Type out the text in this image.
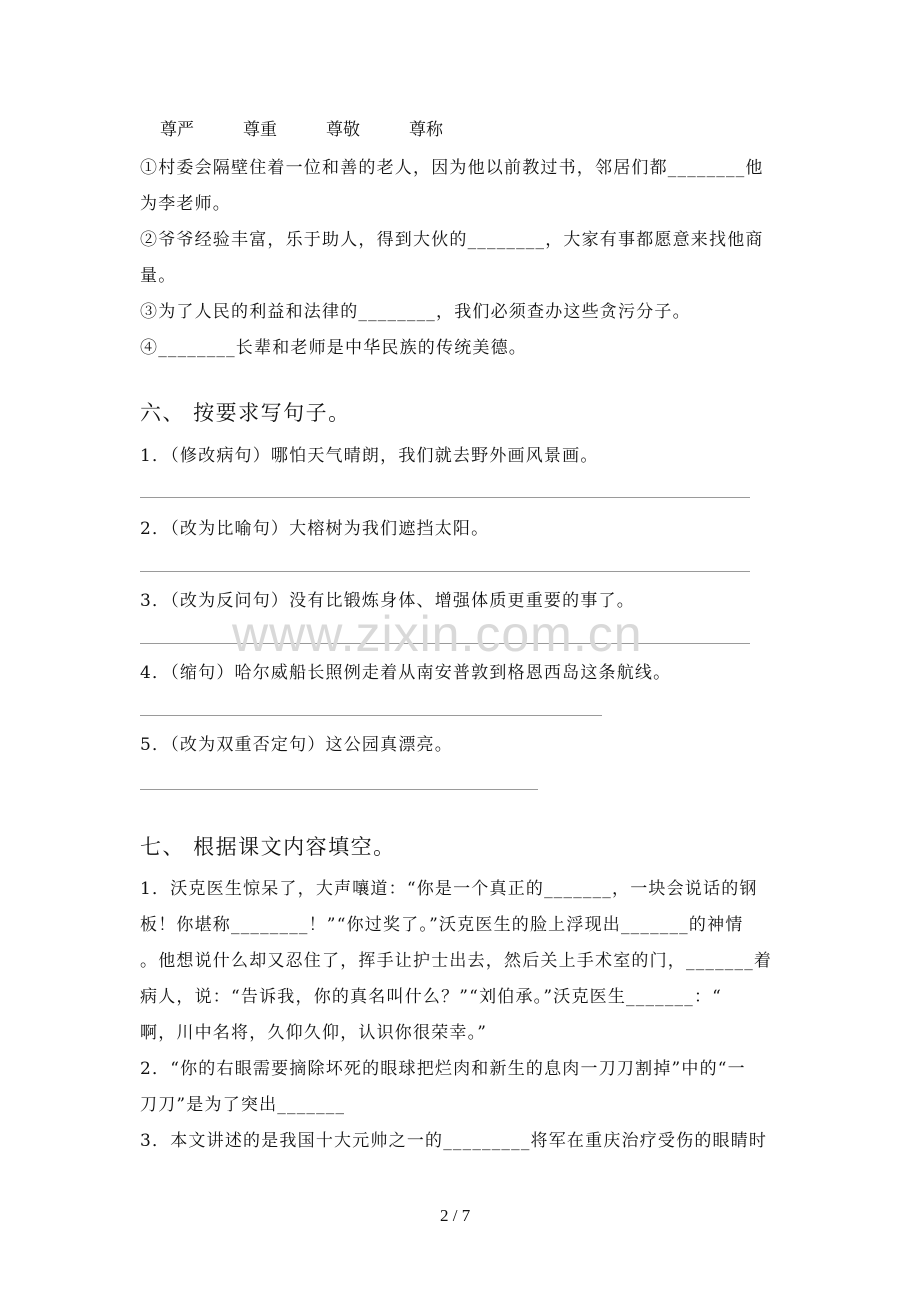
尊严	尊重	尊敬	尊称
①村委会隔壁住着一位和善的老人，因为他以前教过书，邻居们都________他
为李老师。
②爷爷经验丰富，乐于助人，得到大伙的________，大家有事都愿意来找他商
量。
③为了人民的利益和法律的________，我们必须查办这些贪污分子。
④________长辈和老师是中华民族的传统美德。
六、 按要求写句子。
1．（修改病句）哪怕天气晴朗，我们就去野外画风景画。
2．（改为比喻句）大榕树为我们遮挡太阳。
3．（改为反问句）没有比锻炼身体、增强体质更重要的事了。
4．（缩句）哈尔威船长照例走着从南安普敦到格恩西岛这条航线。
5．（改为双重否定句）这公园真漂亮。
www.zixin.com.cn
七、 根据课文内容填空。
1．沃克医生惊呆了，大声嚷道：“你是一个真正的_______，一块会说话的钢
板！你堪称________！”“你过奖了。”沃克医生的脸上浮现出_______的神情
。他想说什么却又忍住了，挥手让护士出去，然后关上手术室的门，_______着
病人，说：“告诉我，你的真名叫什么？”“刘伯承。”沃克医生_______：“
啊，川中名将，久仰久仰，认识你很荣幸。”
2．“你的右眼需要摘除坏死的眼球把烂肉和新生的息肉一刀刀割掉”中的“一
刀刀”是为了突出_______
3．本文讲述的是我国十大元帅之一的_________将军在重庆治疗受伤的眼睛时
2 / 7
